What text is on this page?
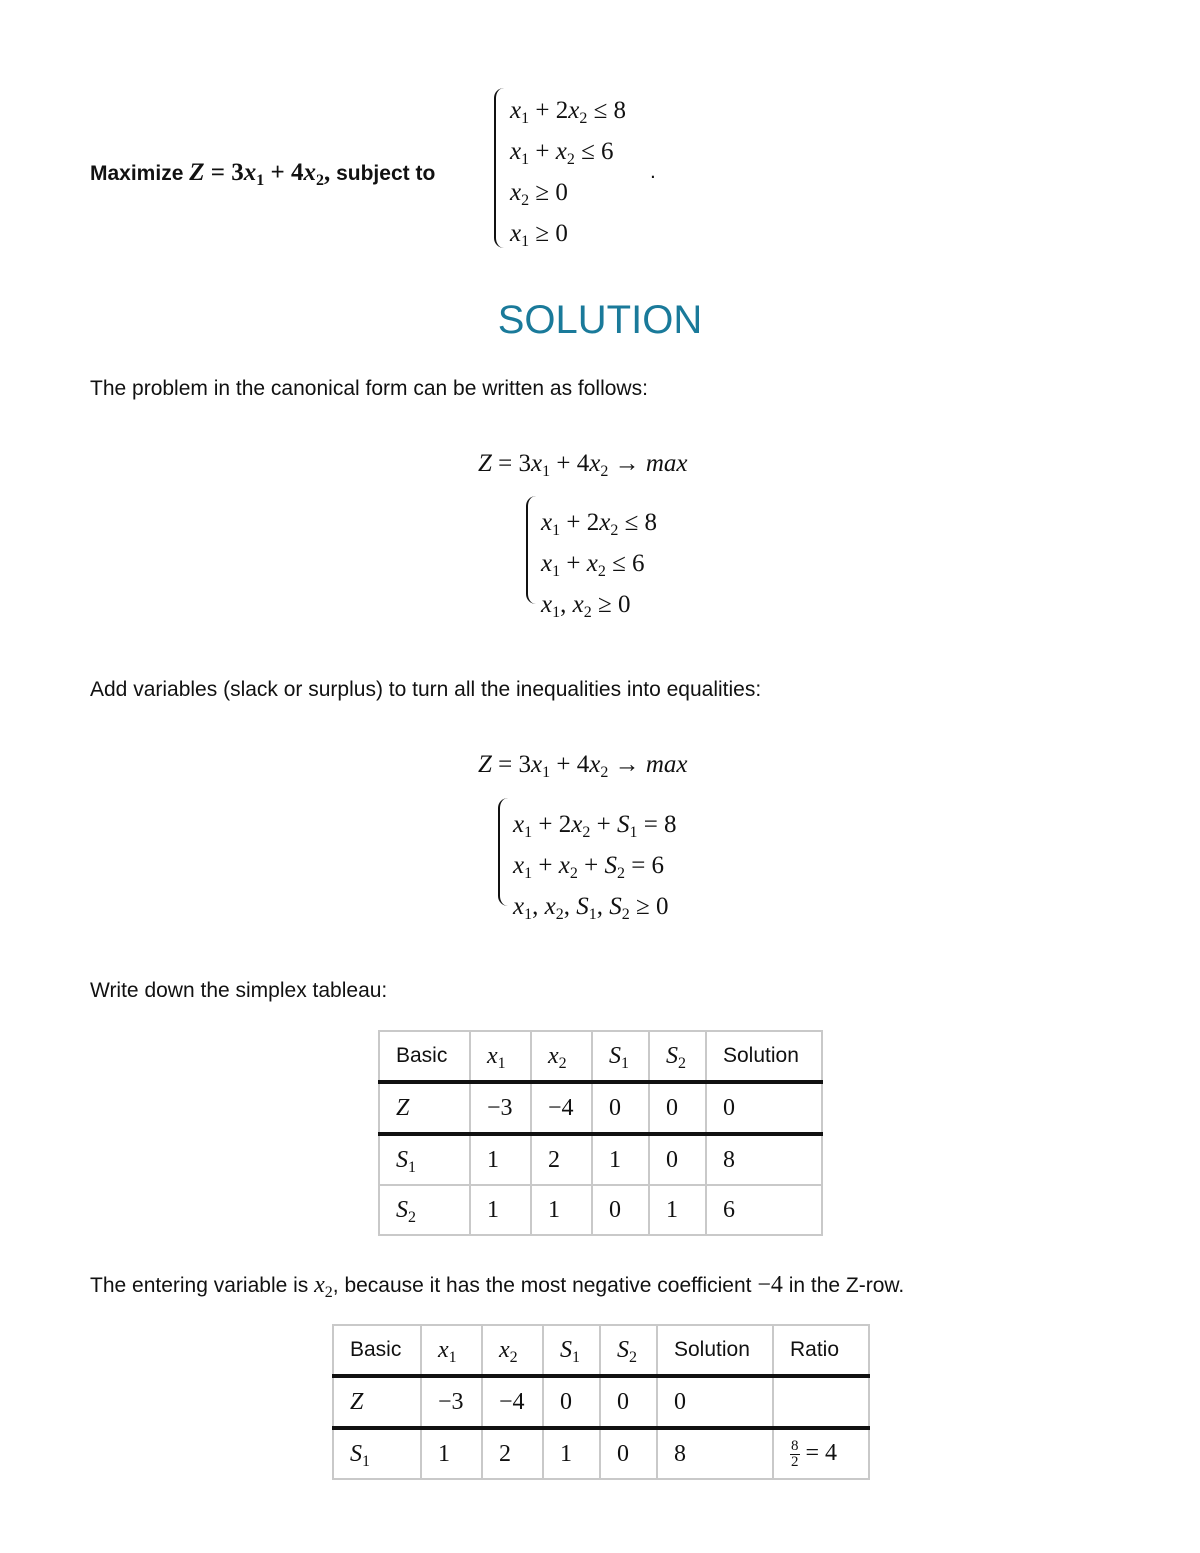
Maximize $Z = 3x_1 + 4x_2$, subject to
$x_1 + 2x_2 \le 8$
$x_1 + x_2 \le 6$
$x_2 \ge 0$
$x_1 \ge 0$
.
SOLUTION
The problem in the canonical form can be written as follows:
$Z = 3x_1 + 4x_2 \to \max$
$x_1 + 2x_2 \le 8$
$x_1 + x_2 \le 6$
$x_1$, $x_2 \ge 0$
Add variables (slack or surplus) to turn all the inequalities into equalities:
$Z = 3x_1 + 4x_2 \to \max$
$x_1 + 2x_2 + S_1 = 8$
$x_1 + x_2 + S_2 = 6$
$x_1$, $x_2$, $S_1$, $S_2 \ge 0$
Write down the simplex tableau:
Basic	$x_1$	$x_2$	$S_1$	$S_2$	Solution
Z	−3	−4	0	0	0
$S_1$	1	2	1	0	8
$S_2$	1	1	0	1	6
The entering variable is $x_2$, because it has the most negative coefficient −4 in the Z-row.
Basic	$x_1$	$x_2$	$S_1$	$S_2$	Solution	Ratio
Z	−3	−4	0	0	0	
$S_1$	1	2	1	0	8	$\frac{8}{2} = 4$
